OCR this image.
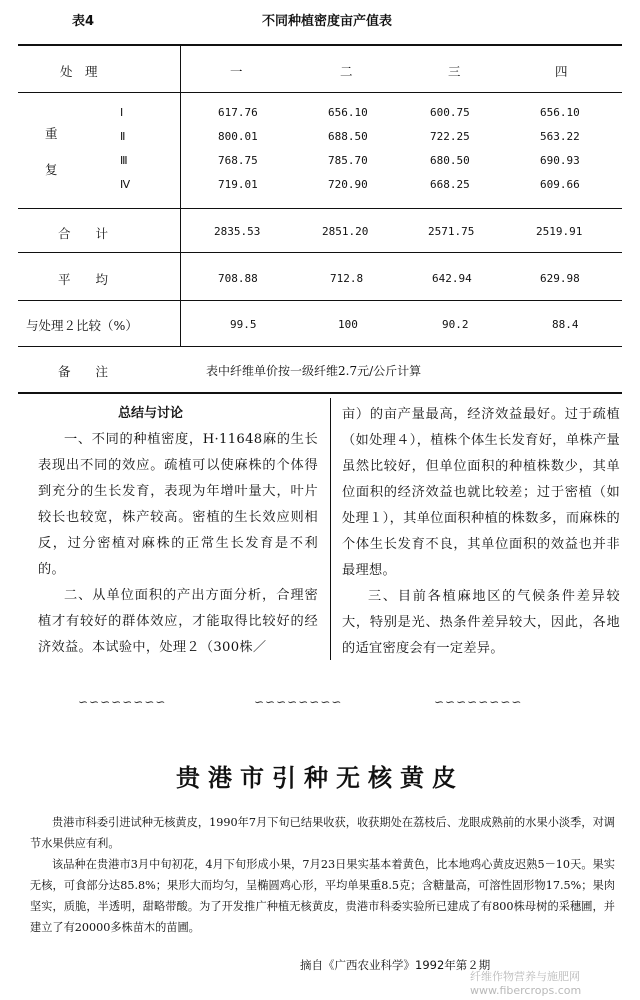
表4	不同种植密度亩产值表
处　理	一	二	三	四
重
复
Ⅰ	617.76	656.10	600.75	656.10
Ⅱ	800.01	688.50	722.25	563.22
Ⅲ	768.75	785.70	680.50	690.93
Ⅳ	719.01	720.90	668.25	609.66
合　　计	2835.53	2851.20	2571.75	2519.91
平　　均	708.88	712.8	642.94	629.98
与处理２比较（%）	99.5	100	90.2	88.4
备　　注	表中纤维单价按一级纤维2.7元/公斤计算
总结与讨论

一、不同的种植密度，H·11648麻的生长表现出不同的效应。疏植可以使麻株的个体得到充分的生长发育，表现为年增叶量大，叶片较长也较宽，株产较高。密植的生长效应则相反，过分密植对麻株的正常生长发育是不利的。

二、从单位面积的产出方面分析，合理密植才有较好的群体效应，才能取得比较好的经济效益。本试验中，处理２（300株／

亩）的亩产量最高，经济效益最好。过于疏植（如处理４），植株个体生长发育好，单株产量虽然比较好，但单位面积的种植株数少，其单位面积的经济效益也就比较差；过于密植（如处理１），其单位面积种植的株数多，而麻株的个体生长发育不良，其单位面积的效益也并非最理想。

三、目前各植麻地区的气候条件差异较大，特别是光、热条件差异较大，因此，各地的适宜密度会有一定差异。

∽∽∽∽∽∽∽∽	∽∽∽∽∽∽∽∽	∽∽∽∽∽∽∽∽
贵港市引种无核黄皮

贵港市科委引进试种无核黄皮，1990年7月下旬已结果收获，收获期处在荔枝后、龙眼成熟前的水果小淡季，对调节水果供应有利。

该品种在贵港市3月中旬初花，4月下旬形成小果，7月23日果实基本着黄色，比本地鸡心黄皮迟熟5－10天。果实无核，可食部分达85.8%；果形大而均匀，呈椭圆鸡心形，平均单果重8.5克；含糖量高，可溶性固形物17.5%；果肉坚实，质脆，半透明，甜略带酸。为了开发推广种植无核黄皮，贵港市科委实验所已建成了有800株母树的采穗圃，并建立了有20000多株苗木的苗圃。

摘自《广西农业科学》1992年第２期
纤维作物营养与施肥网 www.fibercrops.com
